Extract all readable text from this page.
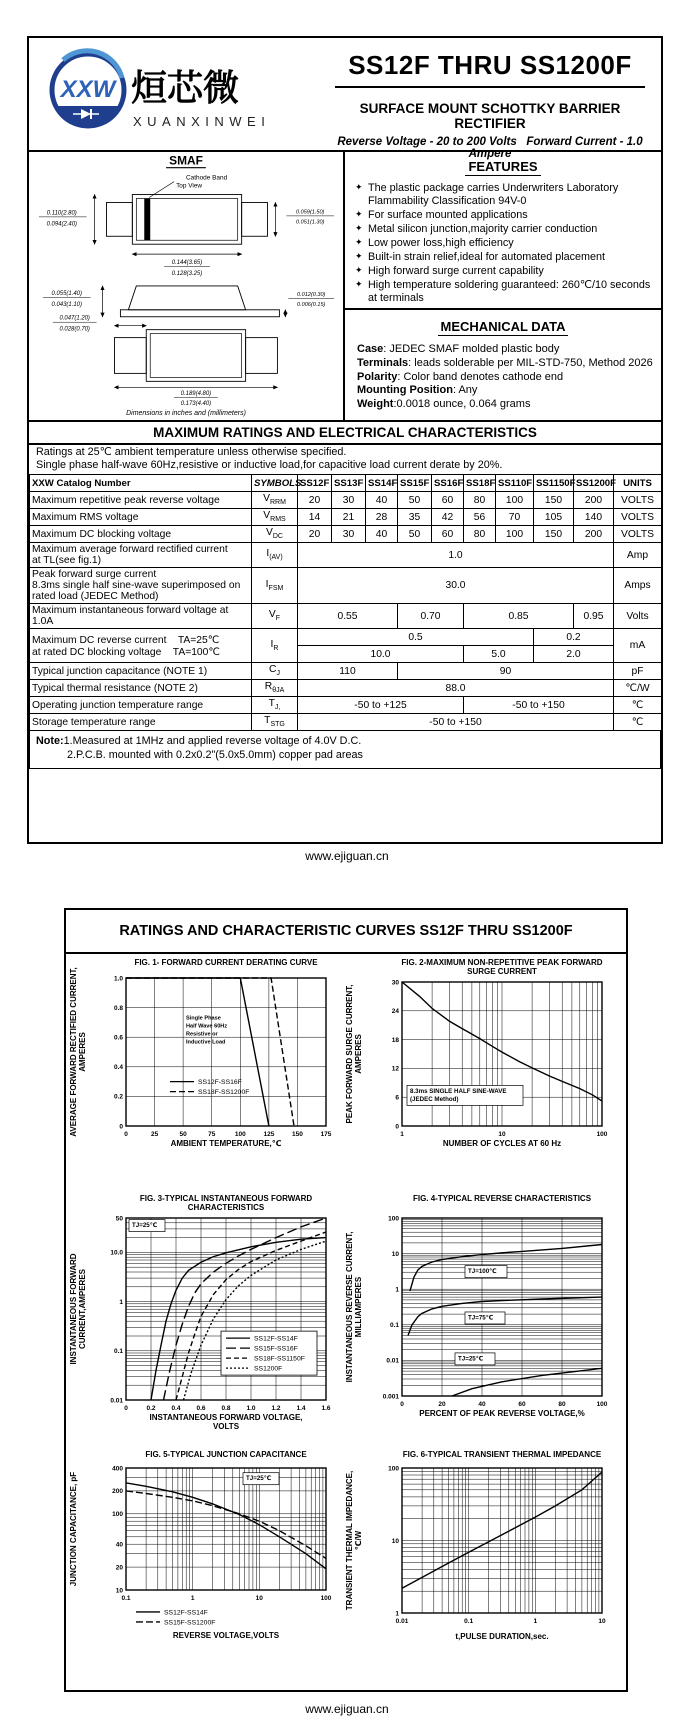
XXW 烜芯微
XUANXINWEI
SS12F THRU SS1200F
SURFACE MOUNT SCHOTTKY BARRIER RECTIFIER
Reverse Voltage - 20 to 200 Volts   Forward Current - 1.0 Ampere
SMAF
Cathode Band
Top View
0.110(2.80)
0.094(2.40)
0.059(1.50)
0.051(1.30)
0.144(3.65)
0.128(3.25)
0.055(1.40)
0.043(1.10)
0.012(0.30)
0.006(0.15)
0.047(1.20)
0.028(0.70)
0.189(4.80)
0.173(4.40)
Dimensions in inches and (millimeters)
FEATURES
✦ The plastic package carries Underwriters Laboratory Flammability Classification 94V-0
✦ For surface mounted applications
✦ Metal silicon junction,majority carrier conduction
✦ Low power loss,high efficiency
✦ Built-in strain relief,ideal for automated placement
✦ High forward surge current capability
✦ High temperature soldering guaranteed: 260℃/10 seconds at terminals
MECHANICAL DATA
Case: JEDEC SMAF molded plastic body
Terminals: leads solderable per MIL-STD-750, Method 2026
Polarity: Color band denotes cathode end
Mounting Position: Any
Weight:0.0018 ounce, 0.064 grams
MAXIMUM RATINGS AND ELECTRICAL CHARACTERISTICS
Ratings at 25℃ ambient temperature unless otherwise specified.
Single phase half-wave 60Hz,resistive or inductive load,for capacitive load current derate by 20%.
XXW Catalog Number	SYMBOLS	SS12F	SS13F	SS14F	SS15F	SS16F	SS18F	SS110F	SS1150F	SS1200F	UNITS

Maximum repetitive peak reverse voltage	$V_{RRM}$	20	30	40	50	60	80	100	150	200	VOLTS

Maximum RMS voltage	$V_{RMS}$	14	21	28	35	42	56	70	105	140	VOLTS

Maximum DC blocking voltage	$V_{DC}$	20	30	40	50	60	80	100	150	200	VOLTS

Maximum average forward rectified current
at TL(see fig.1)	$I_{(AV)}$	1.0									Amp

Peak forward surge current
8.3ms single half sine-wave superimposed on
rated load (JEDEC Method)	$I_{FSM}$	30.0									Amps

Maximum instantaneous forward voltage at 1.0A	$V_F$	0.55			0.70		0.85			0.95	Volts

Maximum DC reverse current    TA=25℃
at rated DC blocking voltage    TA=100℃	$I_R$	0.5							0.2		mA
		10.0					5.0		2.0		

Typical junction capacitance (NOTE 1)	$C_J$	110			90						pF

Typical thermal resistance (NOTE 2)	$R_{\theta JA}$	88.0									℃/W

Operating junction temperature range	$T_{J,}$	-50 to +125					-50 to +150				℃

Storage temperature range	$T_{STG}$	-50 to +150									℃
Note:1.Measured at 1MHz and applied reverse voltage of 4.0V D.C.
2.P.C.B. mounted with 0.2x0.2"(5.0x5.0mm) copper pad areas
www.ejiguan.cn
RATINGS AND CHARACTERISTIC CURVES SS12F THRU SS1200F
0	25	50	75	100	125	150	175
0
0.2
0.4
0.6
0.8
1.0
FIG. 1- FORWARD CURRENT DERATING CURVE
AMBIENT TEMPERATURE,℃
AVERAGE FORWARD RECTIFIED CURRENT, AMPERES
Single Phase
Half Wave 60Hz
Resistive or
Inductive Load
SS12F-SS16F
SS18F-SS1200F
1	10	100
0
6
12
18
24
30
FIG. 2-MAXIMUM NON-REPETITIVE PEAK FORWARD
SURGE CURRENT
NUMBER OF CYCLES AT 60 Hz
PEAK FORWARD SURGE CURRENT, AMPERES
8.3ms SINGLE HALF SINE-WAVE
(JEDEC Method)
0	0.2 0.4 0.6 0.8 1.0 1.2 1.4 1.6
50
10.0
1
0.1
0.01
FIG. 3-TYPICAL INSTANTANEOUS FORWARD
CHARACTERISTICS
INSTANTANEOUS FORWARD VOLTAGE,
VOLTS
INSTANTANEOUS FORWARD CURRENT,AMPERES
TJ=25℃
SS12F-SS14F
SS15F-SS16F
SS18F-SS1150F
SS1200F
0	20	40	60	80	100
100
10
1
0.1
0.01
0.001
FIG. 4-TYPICAL REVERSE CHARACTERISTICS
PERCENT OF PEAK REVERSE VOLTAGE,%
INSTANTANEOUS REVERSE CURRENT, MILLIAMPERES
TJ=100℃
TJ=75℃
TJ=25℃
0.1	1	10	100
400
200
100
40
20
10
FIG. 5-TYPICAL JUNCTION CAPACITANCE
REVERSE VOLTAGE,VOLTS
JUNCTION CAPACITANCE, pF	TJ=25℃
SS12F-SS14F
SS15F-SS1200F	0.01	0.1	1	10
100
10
1
FIG. 6-TYPICAL TRANSIENT THERMAL IMPEDANCE
t,PULSE DURATION,sec.
TRANSIENT THERMAL IMPEDANCE, ℃/W
www.ejiguan.cn
